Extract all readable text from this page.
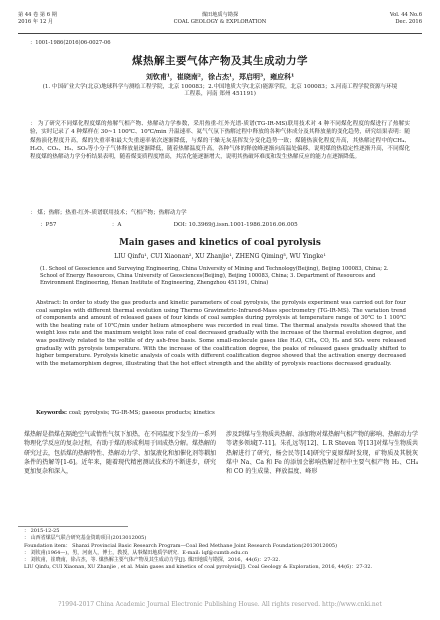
第 44 卷 第 6 期
2016 年 12 月
煤田地质与勘探
COAL GEOLOGY & EXPLORATION
Vol. 44 No.6
Dec. 2016
：1001-1986(2016)06-0027-06
煤热解主要气体产物及其生成动力学
刘钦甫¹，崔晓南²，徐占杰¹，郑启明³，雍应科¹
(1. 中国矿业大学(北京)地球科学与测绘工程学院，北京 100083；2.中国地质大学(北京)能源学院，北京 100083；3.河南工程学院资源与环境工程系，河南 郑州 451191)
： 为了研究不同煤化程度煤的热解气相产物、热解动力学参数，采用热重-红外光谱-质谱(TG-IR-MS)联用技术对 4 种不同煤化程度的煤进行了热解实验，实时记录了 4 种煤样在 30~1 100℃、10℃/min 升温速率、氦气气氛下热解过程中释放的各种气体成分及其释放量的变化趋势，研究结果表明：随煤热演化程度升高，煤的失重率和最大失重速率依次逐渐降低，与煤的干燥无灰基挥发分变化趋势一致；煤随热演化程度升高，其热解过程中的CH₄、H₂O、CO₂、H₂、SO₂等小分子气体释放量逐渐降低，随着热解温度升高，各种气体的释放峰逐渐向高温处偏移。说明煤的热稳定性逐渐升高，不同煤化程度煤的热解动力学分析结果表明，随着煤变质程度增高，其活化能逐渐增大，说明其热破坏难度和发生热解反应的能力在逐渐降低。
： 煤；热解；热重-红外-质谱联用技术；气相产物；热解动力学
：P57	：A	DOI: 10.3969/j.issn.1001-1986.2016.06.005
Main gases and kinetics of coal pyrolysis
LIU Qinfu¹, CUI Xiaonan², XU Zhanjie¹, ZHENG Qiming³, WU Yingke¹
(1. School of Geoscience and Surveying Engineering, China University of Mining and Technology(Beijing), Beijing 100083, China; 2. School of Energy Resources, China University of Geosciences(Beijing), Beijing 100083, China; 3. Department of Resources and Environment Engineering, Henan Institute of Engineering, Zhengzhou 451191, China)
Abstract: In order to study the gas products and kinetic parameters of coal pyrolysis, the pyrolysis experiment was carried out for four coal samples with different thermal evolution using Thermo Gravimetric-Infrared-Mass spectrometry (TG-IR-MS). The variation trend of components and amount of released gases of four kinds of coal samples during pyrolysis at temperature range of 30℃ to 1 100℃ with the heating rate of 10℃/min under helium atmosphere was recorded in real time. The thermal analysis results showed that the weight loss rate and the maximum weight loss rate of coal decreased gradually with the increase of the thermal evolution degree, and was positively related to the voltile of dry ash-free basis. Some small-molecule gases like H₂O, CH₄, CO, H₂ and SO₂ were released gradually with pyrolysis temperature. With the increase of the coalification degree, the peaks of released gases gradually shifted to higher temperature. Pyrolysis kinetic analysis of coals with different coalification degree showed that the activation energy decreased with the metamorphism degree, illustrating that the hot effect strength and the ability of pyrolysis reactions decreased gradually.
Keywords: coal; pyrolysis; TG-IR-MS; gaseous products; kinetics
煤热解是指煤在隔绝空气或惰性气氛下加热，在不同温度下发生的一系列物理化学反应的复杂过程，有助于煤的形成利用于固成热分解。煤热解的研究过去，包括煤的热解特性、热解动力学、加氢液化和加催化剂等耦加条件的热解等[1-6]。近年来，随着现代精密测试技术的不断进步，研究更加复杂和深入，
涉及到煤与生物质共热解、添加物对煤热解气相产物的影响、热解动力学等诸多领域[7-11]。朱孔远等[12]、L R Steven 等[13]对煤与生物质共热解进行了研究，杨会民等[14]研究宁夏原煤时发现，矿物质及其脱灰煤中 Na、Ca 和 Fe 的添加会影响热解过程中主要气相产物 H₂、CH₄ 和 CO 的生成量、释放温度、峰形
： 2015-12-25
： 山西省煤层气联合研究基金资助项目(2013012005)
Foundation item： Shanxi Provincial Basic Research Program—Coal Bed Methane Joint Research Foundation(2013012005)
： 刘钦甫(1964—)，男，河南人，博士，教授，从事煤田地质学研究．E-mail: lqf@cumtb.edu.cn
： 刘钦甫，崔晓南，徐占杰，等. 煤热解主要气体产物及其生成动力学[J]. 煤田地质与勘探，2016，44(6)：27-32.
LIU Qinfu, CUI Xiaonan, XU Zhanjie , et al. Main gases and kinetics of coal pyrolysis[J]. Coal Geology & Exploration, 2016, 44(6)：27-32.
?1994-2017 China Academic Journal Electronic Publishing House. All rights reserved. http://www.cnki.net
